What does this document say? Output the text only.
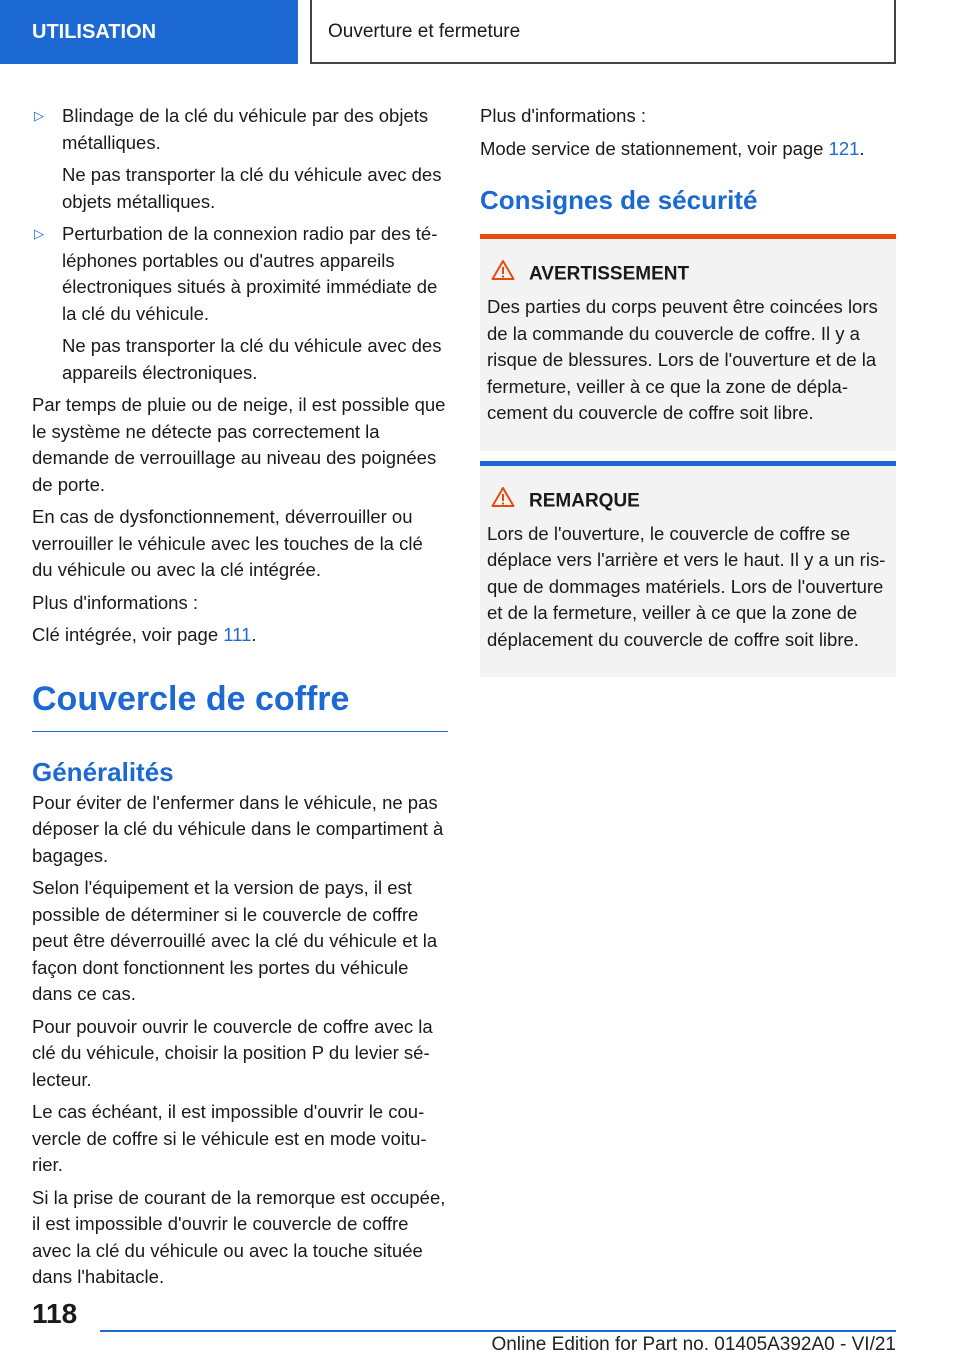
UTILISATION	Ouverture et fermeture

▷ Blindage de la clé du véhicule par des objets métalliques.

Ne pas transporter la clé du véhicule avec des objets métalliques.

▷ Perturbation de la connexion radio par des téléphones portables ou d'autres appareils électroniques situés à proximité immédiate de la clé du véhicule.

Ne pas transporter la clé du véhicule avec des appareils électroniques.

Par temps de pluie ou de neige, il est possible que le système ne détecte pas correctement la demande de verrouillage au niveau des poignées de porte.

En cas de dysfonctionnement, déverrouiller ou verrouiller le véhicule avec les touches de la clé du véhicule ou avec la clé intégrée.

Plus d'informations :

Clé intégrée, voir page 111.

Couvercle de coffre
Généralités

Pour éviter de l'enfermer dans le véhicule, ne pas déposer la clé du véhicule dans le compartiment à bagages.

Selon l'équipement et la version de pays, il est possible de déterminer si le couvercle de coffre peut être déverrouillé avec la clé du véhicule et la façon dont fonctionnent les portes du véhicule dans ce cas.

Pour pouvoir ouvrir le couvercle de coffre avec la clé du véhicule, choisir la position P du levier sélecteur.

Le cas échéant, il est impossible d'ouvrir le couvercle de coffre si le véhicule est en mode voiturier.

Si la prise de courant de la remorque est occupée, il est impossible d'ouvrir le couvercle de coffre avec la clé du véhicule ou avec la touche située dans l'habitacle.

Plus d'informations :

Mode service de stationnement, voir page 121.

Consignes de sécurité
AVERTISSEMENT

Des parties du corps peuvent être coincées lors de la commande du couvercle de coffre. Il y a risque de blessures. Lors de l'ouverture et de la fermeture, veiller à ce que la zone de déplacement du couvercle de coffre soit libre.

REMARQUE

Lors de l'ouverture, le couvercle de coffre se déplace vers l'arrière et vers le haut. Il y a un risque de dommages matériels. Lors de l'ouverture et de la fermeture, veiller à ce que la zone de déplacement du couvercle de coffre soit libre.

118
Online Edition for Part no. 01405A392A0 - VI/21
